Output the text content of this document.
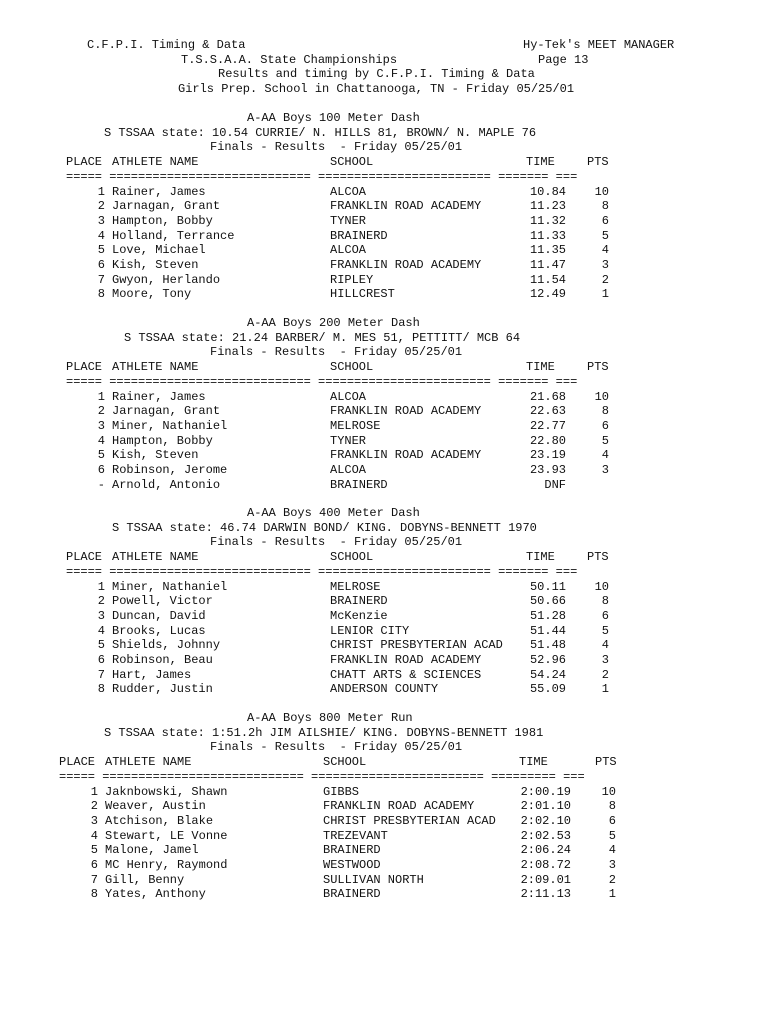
C.F.P.I. Timing & Data	Hy-Tek's MEET MANAGER
T.S.S.A.A. State Championships	Page 13
Results and timing by C.F.P.I. Timing & Data
Girls Prep. School in Chattanooga, TN - Friday 05/25/01
A-AA Boys 100 Meter Dash
S TSSAA state: 10.54 CURRIE/ N. HILLS 81, BROWN/ N. MAPLE 76
Finals - Results  - Friday 05/25/01
PLACE ATHLETE NAME	SCHOOL	TIME	PTS
===== ============================ ======================== ======= ===
1 Rainer, James	ALCOA	10.84 10
2 Jarnagan, Grant	FRANKLIN ROAD ACADEMY	11.23	8
3 Hampton, Bobby	TYNER	11.32	6
4 Holland, Terrance	BRAINERD	11.33	5
5 Love, Michael	ALCOA	11.35	4
6 Kish, Steven	FRANKLIN ROAD ACADEMY	11.47	3
7 Gwyon, Herlando	RIPLEY	11.54	2
8 Moore, Tony	HILLCREST	12.49	1
A-AA Boys 200 Meter Dash
S TSSAA state: 21.24 BARBER/ M. MES 51, PETTITT/ MCB 64
Finals - Results  - Friday 05/25/01
PLACE ATHLETE NAME	SCHOOL	TIME	PTS
===== ============================ ======================== ======= ===
1 Rainer, James	ALCOA	21.68 10
2 Jarnagan, Grant	FRANKLIN ROAD ACADEMY	22.63	8
3 Miner, Nathaniel	MELROSE	22.77	6
4 Hampton, Bobby	TYNER	22.80	5
5 Kish, Steven	FRANKLIN ROAD ACADEMY	23.19	4
6 Robinson, Jerome	ALCOA	23.93	3
- Arnold, Antonio	BRAINERD	DNF
A-AA Boys 400 Meter Dash
S TSSAA state: 46.74 DARWIN BOND/ KING. DOBYNS-BENNETT 1970
Finals - Results  - Friday 05/25/01
PLACE ATHLETE NAME	SCHOOL	TIME	PTS
===== ============================ ======================== ======= ===
1 Miner, Nathaniel	MELROSE	50.11 10
2 Powell, Victor	BRAINERD	50.66	8
3 Duncan, David	McKenzie	51.28	6
4 Brooks, Lucas	LENIOR CITY	51.44	5
5 Shields, Johnny	CHRIST PRESBYTERIAN ACAD 51.48	4
6 Robinson, Beau	FRANKLIN ROAD ACADEMY	52.96	3
7 Hart, James	CHATT ARTS & SCIENCES	54.24	2
8 Rudder, Justin	ANDERSON COUNTY	55.09	1
A-AA Boys 800 Meter Run
S TSSAA state: 1:51.2h JIM AILSHIE/ KING. DOBYNS-BENNETT 1981
Finals - Results  - Friday 05/25/01
PLACE ATHLETE NAME	SCHOOL	TIME	PTS
===== ============================ ======================== ========= ===
1 Jaknbowski, Shawn	GIBBS	2:00.19	10
2 Weaver, Austin	FRANKLIN ROAD ACADEMY	2:01.10	8
3 Atchison, Blake	CHRIST PRESBYTERIAN ACAD 2:02.10	6
4 Stewart, LE Vonne	TREZEVANT	2:02.53	5
5 Malone, Jamel	BRAINERD	2:06.24	4
6 MC Henry, Raymond	WESTWOOD	2:08.72	3
7 Gill, Benny	SULLIVAN NORTH	2:09.01	2
8 Yates, Anthony	BRAINERD	2:11.13	1
